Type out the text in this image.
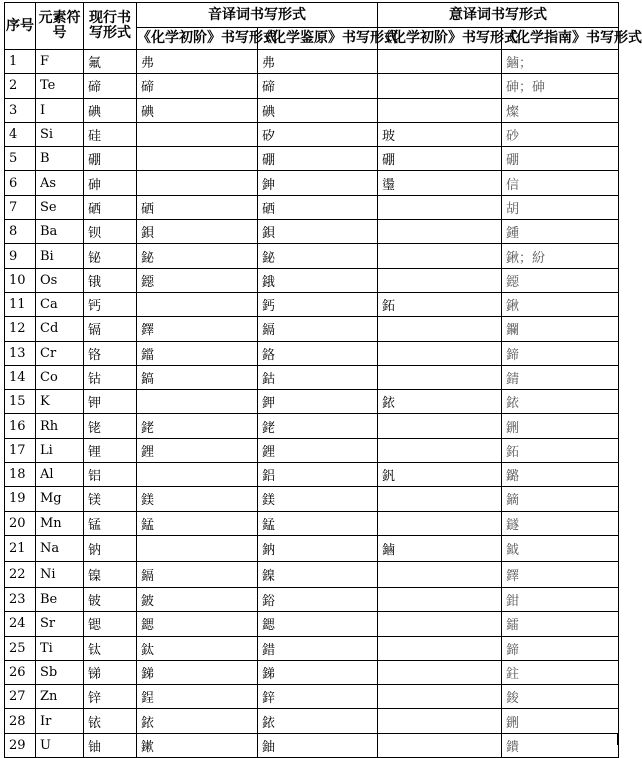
序号	元素符号	现行书写形式	音译词书写形式		意译词书写形式	
			《化学初阶》书写形式	《化学鉴原》书写形式	《化学初阶》书写形式	《化学指南》书写形式
1	F	氟	弗	弗		鏀；
2	Te	碲	碲	碲		砷；砷
3	I	碘	碘	碘		燦
4	Si	硅		矽	玻	砂
5	B	硼		硼	硼	硼
6	As	砷		鉮	璗	信
7	Se	硒	硒	硒		胡
8	Ba	钡	鋇	鋇		鍾
9	Bi	铋	鉍	鉍		鍬；紛
10	Os	锇	鐚	鋨		鐚
11	Ca	钙		鈣	鉐	鍬
12	Cd	镉	鐸	鎘		鑭
13	Cr	铬	鐺	鉻		鍗
14	Co	钴	鎬	鈷		錆
15	K	钾		鉀	銥	銥
16	Rh	铑	銠	銠		鉶
17	Li	锂	鋰	鋰		鉐
18	Al	铝		鋁	釩	鏴
19	Mg	镁	鎂	鎂		鏑
20	Mn	锰	錳	錳		鐩
21	Na	钠		鈉	鏀	鉞
22	Ni	镍	鎘	鎳		鐸
23	Be	铍	鈹	鋊		鉗
24	Sr	锶	鍶	鍶		鐳
25	Ti	钛	鈦	錯		鍗
26	Sb	锑	銻	銻		鉒
27	Zn	锌	鋥	鋅		鋑
28	Ir	铱	銥	銥		鉶
29	U	铀	鏉	鈾		鐀
